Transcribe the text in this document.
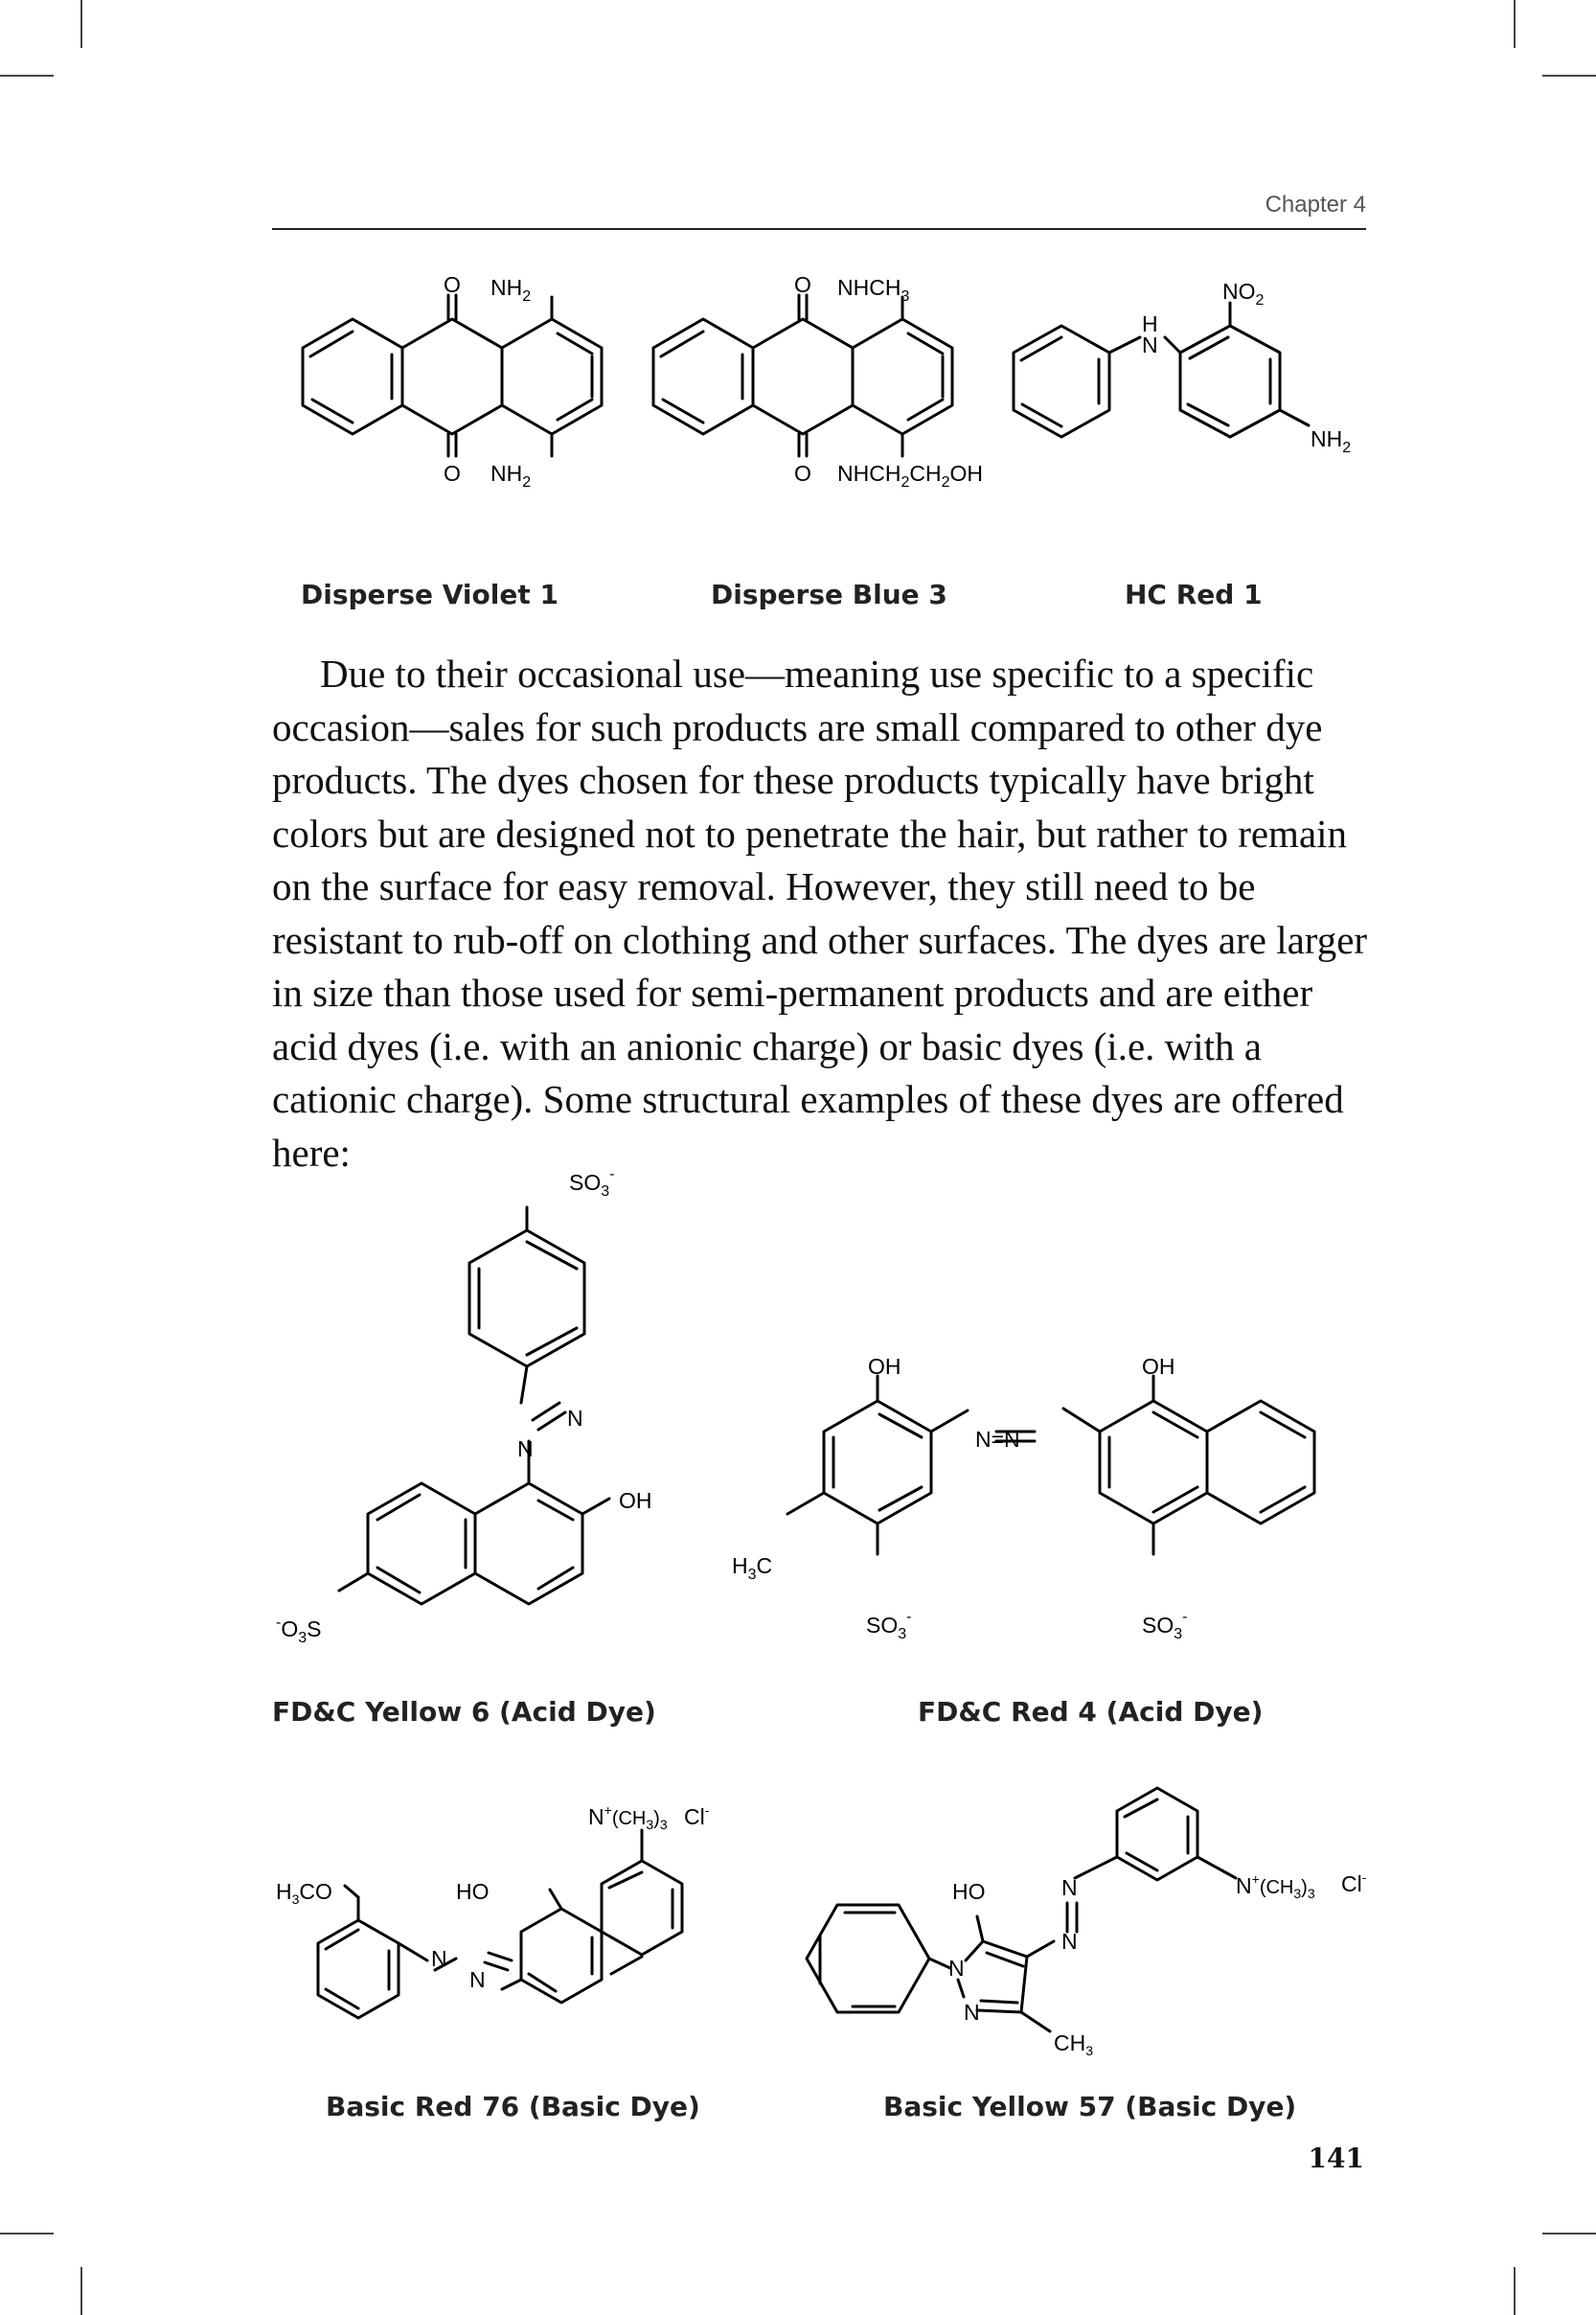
Chapter 4
O
O
$NH_2$
$NH_2$
O
O
$NHCH_3$
$NHCH_2CH_2OH$
H
N
$NO_2$
$NH_2$
Disperse Violet 1	Disperse Blue 3	HC Red 1

Due to their occasional use—meaning use specific to a specific occasion—sales for such products are small compared to other dye products. The dyes chosen for these products typically have bright colors but are designed not to penetrate the hair, but rather to remain on the surface for easy removal. However, they still need to be resistant to rub-off on clothing and other surfaces. The dyes are larger in size than those used for semi-permanent products and are either acid dyes (i.e. with an anionic charge) or basic dyes (i.e. with a cationic charge). Some structural examples of these dyes are offered here:

$SO_3^-$
N
N
OH
$^-O_3S$
OH	OH
N=N
$H_3C$
$SO_3^-$	$SO_3^-$
FD&C Yellow 6 (Acid Dye)	FD&C Red 4 (Acid Dye)
$N^+(CH_3)_3$ Cl-
$H_3CO$	HO
N
N
HO	N
N
$N^+(CH_3)_3$ Cl-
N
N
$CH_3$
Basic Red 76 (Basic Dye)	Basic Yellow 57 (Basic Dye)
141
